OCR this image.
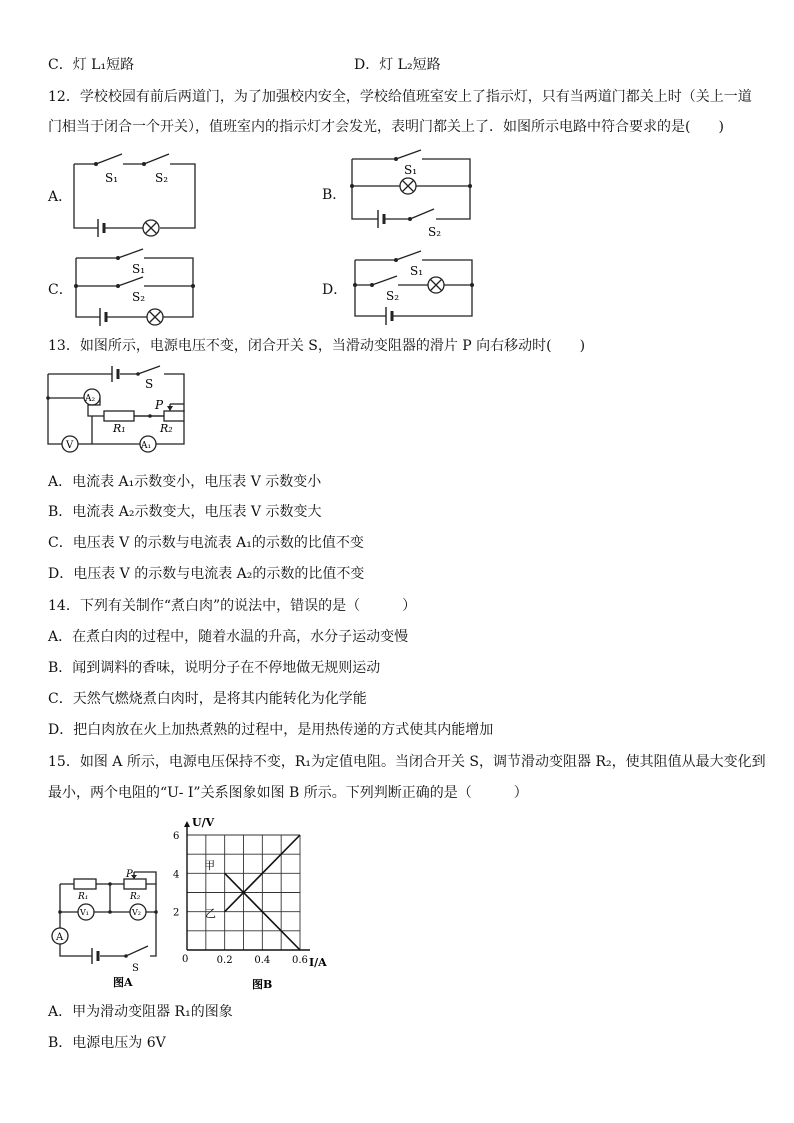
C．灯 L₁短路	D．灯 L₂短路
12．学校校园有前后两道门，为了加强校内安全，学校给值班室安上了指示灯，只有当两道门都关上时（关上一道
门相当于闭合一个开关），值班室内的指示灯才会发光，表明门都关上了．如图所示电路中符合要求的是(　　)
A．	B．
C．	D．
S₁	S₂
S₁
S₂
S₁
S₂
S₁
S₂
13．如图所示，电源电压不变，闭合开关 S，当滑动变阻器的滑片 P 向右移动时(　　)
S
A₂
R₁	R₂
P
V	A₁
A．电流表 A₁示数变小，电压表 V 示数变小
B．电流表 A₂示数变大，电压表 V 示数变大
C．电压表 V 的示数与电流表 A₁的示数的比值不变
D．电压表 V 的示数与电流表 A₂的示数的比值不变
14．下列有关制作“煮白肉”的说法中，错误的是（　　　）
A．在煮白肉的过程中，随着水温的升高，水分子运动变慢
B．闻到调料的香味，说明分子在不停地做无规则运动
C．天然气燃烧煮白肉时，是将其内能转化为化学能
D．把白肉放在火上加热煮熟的过程中，是用热传递的方式使其内能增加
15．如图 A 所示，电源电压保持不变，R₁为定值电阻。当闭合开关 S，调节滑动变阻器 R₂，使其阻值从最大变化到
最小，两个电阻的“U- I”关系图象如图 B 所示。下列判断正确的是（　　　）
R₁	R₂
P
V₁	V₂
A
S
图A
U/V
I/A
图B
0
甲
乙
2
4
6
0.2 0.4 0.6
A．甲为滑动变阻器 R₁的图象
B．电源电压为 6V
